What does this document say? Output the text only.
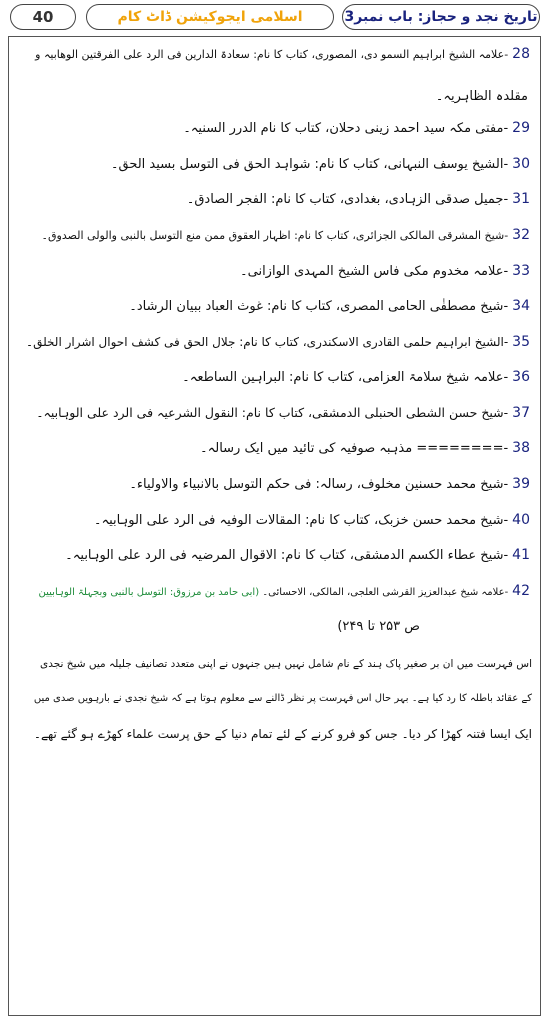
40	اسلامی ایجوکیشن ڈاٹ کام	تاریخ نجد و حجاز: باب نمبر3
28-علامہ الشیخ ابراہیم السمو دی، المصوری، کتاب کا نام: سعادۃ الدارین فی الرد علی الفرقتین الوھابیہ و
مقلدہ الظاہریہ۔
29-مفتی مکہ سید احمد زینی دحلان، کتاب کا نام الدرر السنیہ۔
30-الشیخ یوسف النبہانی، کتاب کا نام: شواہد الحق فی التوسل بسید الحق۔
31-جمیل صدقی الزہادی، بغدادی، کتاب کا نام: الفجر الصادق۔
32-شیخ المشرقی المالکی الجزائری، کتاب کا نام: اظہار العقوق ممن منع التوسل بالنبی والولی الصدوق۔
33-علامہ مخدوم مکی فاس الشیخ المہدی الوازانی۔
34-شیخ مصطفٰی الحامی المصری، کتاب کا نام: غوث العباد ببیان الرشاد۔
35-الشیخ ابراہیم حلمی القادری الاسکندری، کتاب کا نام: جلال الحق فی کشف احوال اشرار الخلق۔
36-علامہ شیخ سلامۃ العزامی، کتاب کا نام: البراہین الساطعہ۔
37-شیخ حسن الشطی الحنبلی الدمشقی، کتاب کا نام: النقول الشرعیہ فی الرد علی الوہابیہ۔
38-======== مذہبہ صوفیہ کی تائید میں ایک رسالہ۔
39-شیخ محمد حسنین مخلوف، رسالہ: فی حکم التوسل بالانبیاء والاولیاء۔
40-شیخ محمد حسن خزبک، کتاب کا نام: المقالات الوفیہ فی الرد علی الوہابیہ۔
41-شیخ عطاء الکسم الدمشقی، کتاب کا نام: الاقوال المرضیہ فی الرد علی الوہابیہ۔
42-علامہ شیخ عبدالعزیز القرشی العلجی، المالکی، الاحسائی۔ (ابی حامد بن مرزوق: التوسل بالنبی وبجہلۃ الوہابیین
ص ۲۵۳ تا ۲۴۹)
اس فہرست میں ان بر صغیر پاک ہند کے نام شامل نہیں ہیں جنہوں نے اپنی متعدد تصانیف جلیلہ میں شیخ نجدی
کے عقائد باطلہ کا رد کیا ہے۔ بہر حال اس فہرست پر نظر ڈالنے سے معلوم ہوتا ہے کہ شیخ نجدی نے بارہویں صدی میں
ایک ایسا فتنہ کھڑا کر دیا۔ جس کو فرو کرنے کے لئے تمام دنیا کے حق پرست علماء کھڑے ہو گئے تھے۔
